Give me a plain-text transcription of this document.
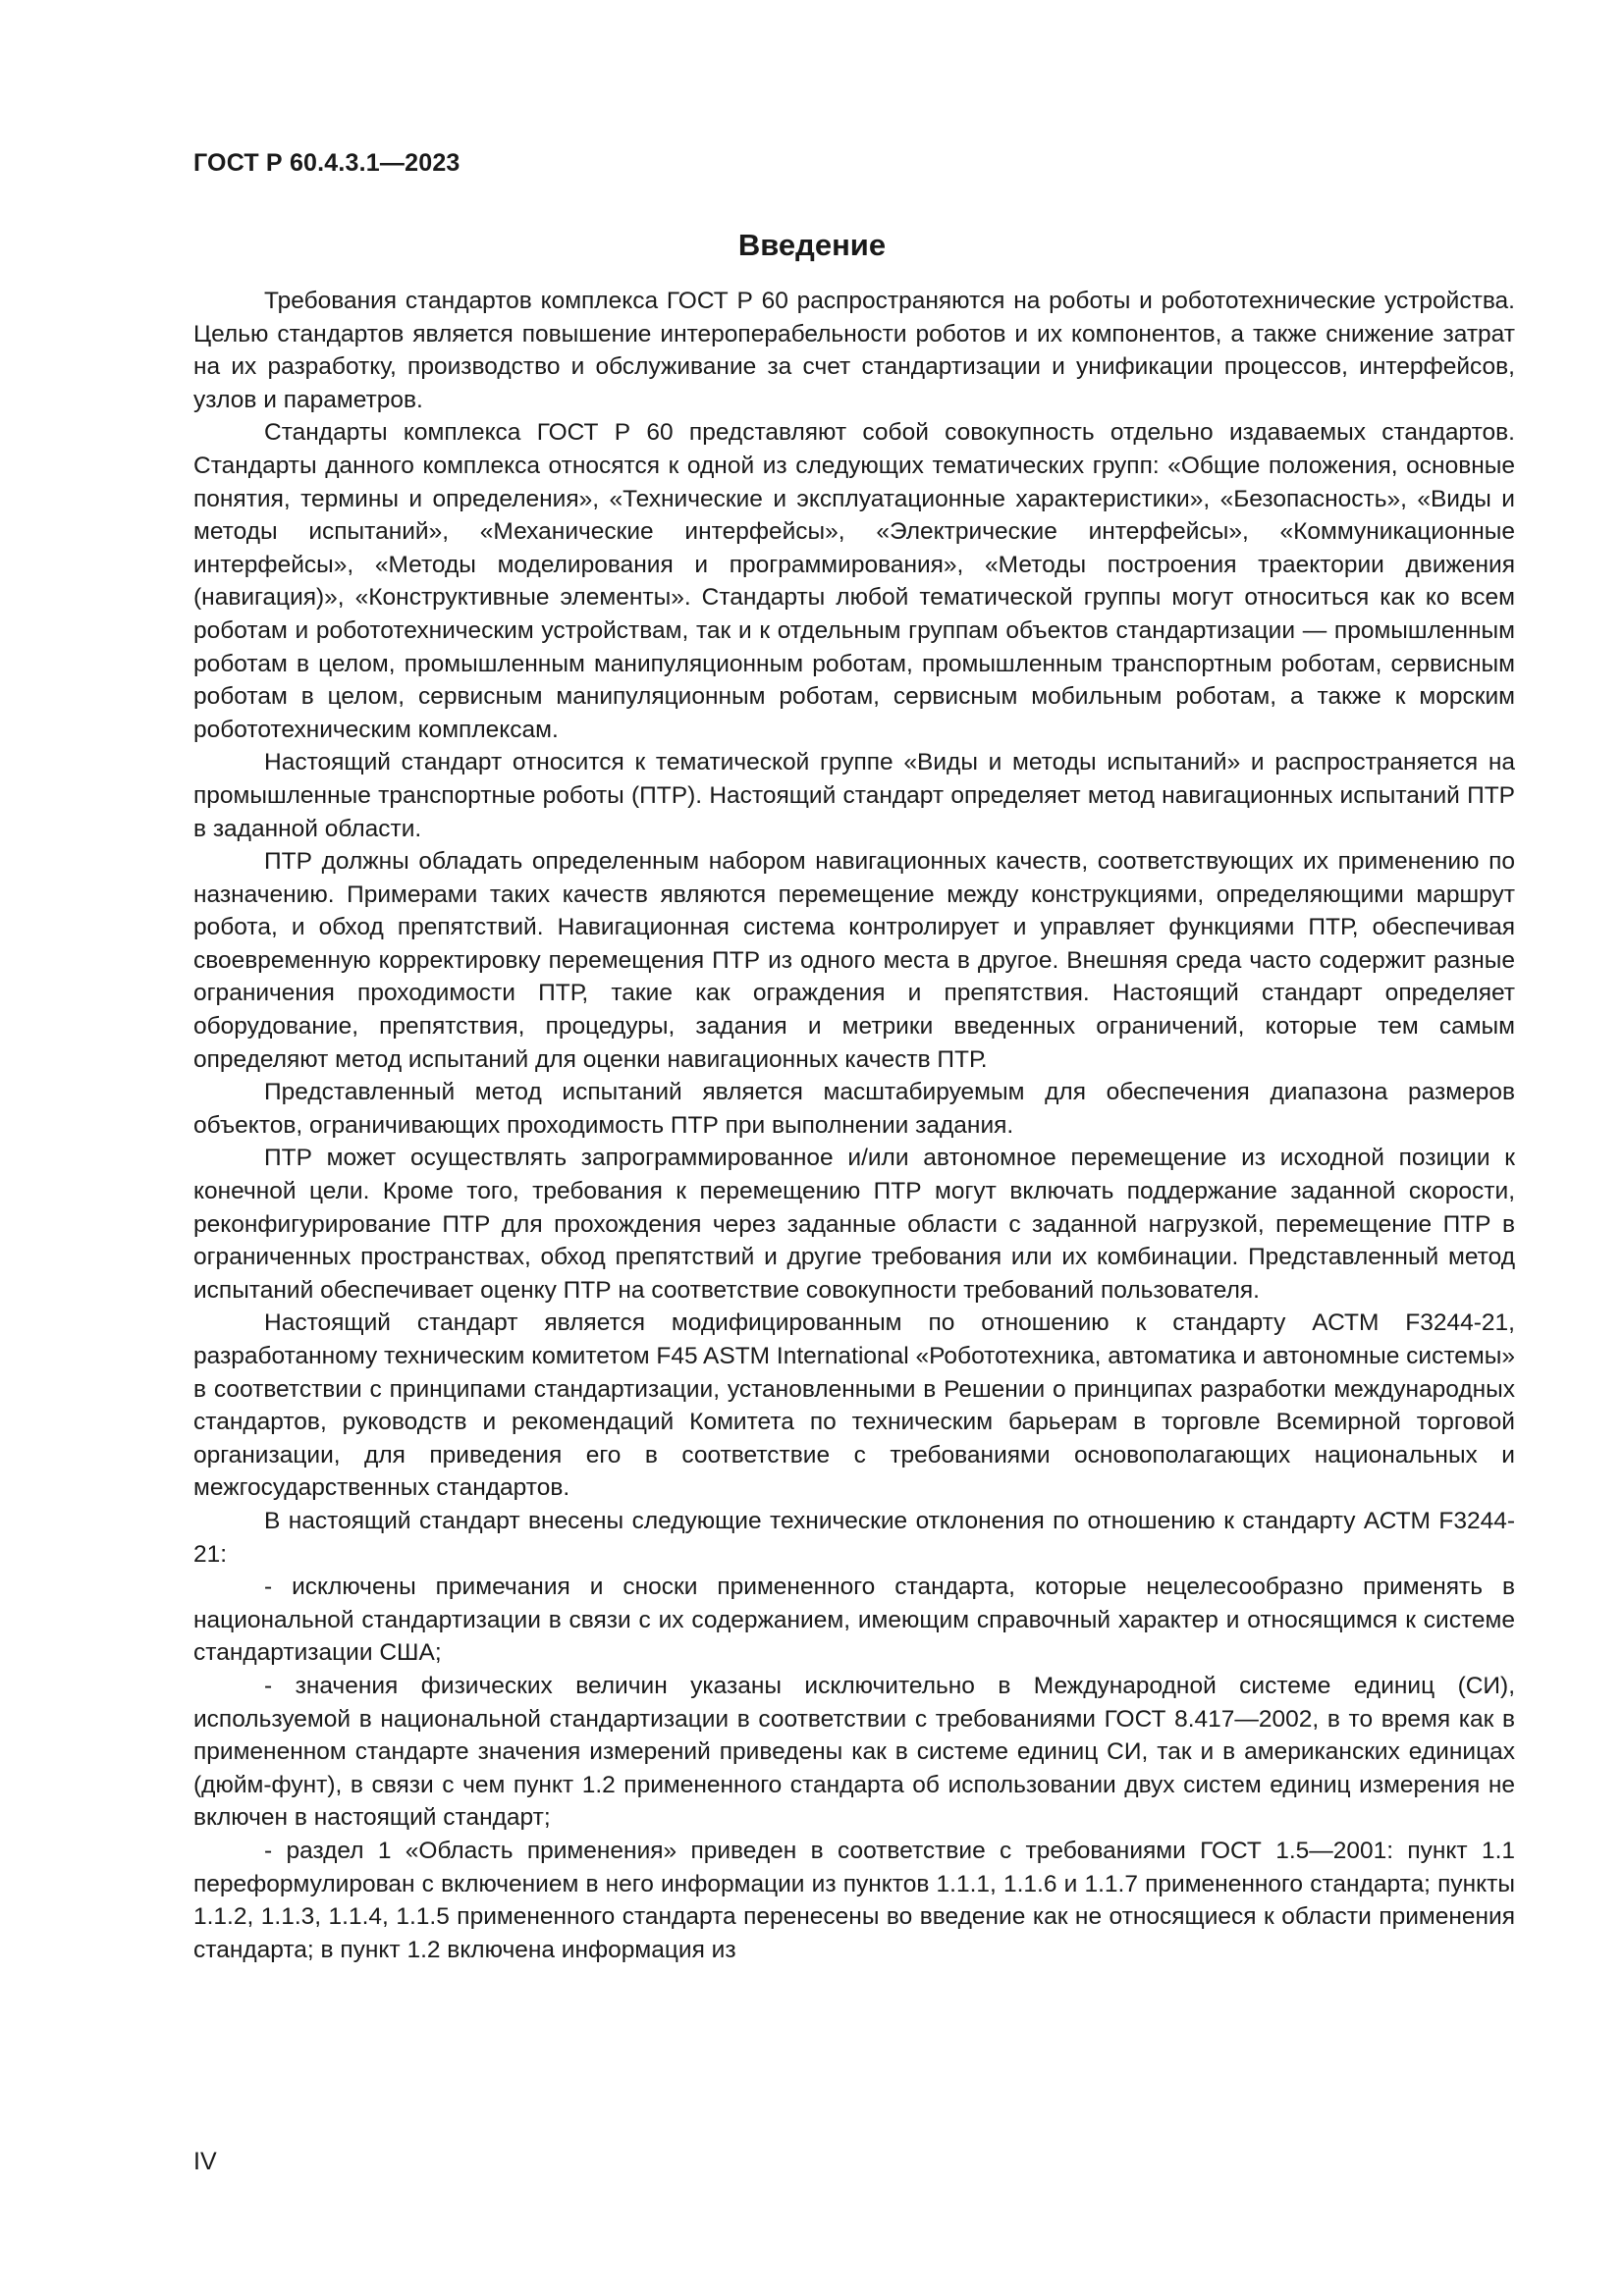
ГОСТ Р 60.4.3.1—2023
Введение

Требования стандартов комплекса ГОСТ Р 60 распространяются на роботы и робототехнические устройства. Целью стандартов является повышение интероперабельности роботов и их компонентов, а также снижение затрат на их разработку, производство и обслуживание за счет стандартизации и унификации процессов, интерфейсов, узлов и параметров.

Стандарты комплекса ГОСТ Р 60 представляют собой совокупность отдельно издаваемых стандартов. Стандарты данного комплекса относятся к одной из следующих тематических групп: «Общие положения, основные понятия, термины и определения», «Технические и эксплуатационные характеристики», «Безопасность», «Виды и методы испытаний», «Механические интерфейсы», «Электрические интерфейсы», «Коммуникационные интерфейсы», «Методы моделирования и программирования», «Методы построения траектории движения (навигация)», «Конструктивные элементы». Стандарты любой тематической группы могут относиться как ко всем роботам и робототехническим устройствам, так и к отдельным группам объектов стандартизации — промышленным роботам в целом, промышленным манипуляционным роботам, промышленным транспортным роботам, сервисным роботам в целом, сервисным манипуляционным роботам, сервисным мобильным роботам, а также к морским робототехническим комплексам.

Настоящий стандарт относится к тематической группе «Виды и методы испытаний» и распространяется на промышленные транспортные роботы (ПТР). Настоящий стандарт определяет метод навигационных испытаний ПТР в заданной области.

ПТР должны обладать определенным набором навигационных качеств, соответствующих их применению по назначению. Примерами таких качеств являются перемещение между конструкциями, определяющими маршрут робота, и обход препятствий. Навигационная система контролирует и управляет функциями ПТР, обеспечивая своевременную корректировку перемещения ПТР из одного места в другое. Внешняя среда часто содержит разные ограничения проходимости ПТР, такие как ограждения и препятствия. Настоящий стандарт определяет оборудование, препятствия, процедуры, задания и метрики введенных ограничений, которые тем самым определяют метод испытаний для оценки навигационных качеств ПТР.

Представленный метод испытаний является масштабируемым для обеспечения диапазона размеров объектов, ограничивающих проходимость ПТР при выполнении задания.

ПТР может осуществлять запрограммированное и/или автономное перемещение из исходной позиции к конечной цели. Кроме того, требования к перемещению ПТР могут включать поддержание заданной скорости, реконфигурирование ПТР для прохождения через заданные области с заданной нагрузкой, перемещение ПТР в ограниченных пространствах, обход препятствий и другие требования или их комбинации. Представленный метод испытаний обеспечивает оценку ПТР на соответствие совокупности требований пользователя.

Настоящий стандарт является модифицированным по отношению к стандарту АСТМ F3244-21, разработанному техническим комитетом F45 ASTM International «Робототехника, автоматика и автономные системы» в соответствии с принципами стандартизации, установленными в Решении о принципах разработки международных стандартов, руководств и рекомендаций Комитета по техническим барьерам в торговле Всемирной торговой организации, для приведения его в соответствие с требованиями основополагающих национальных и межгосударственных стандартов.

В настоящий стандарт внесены следующие технические отклонения по отношению к стандарту АСТМ F3244-21:

- исключены примечания и сноски примененного стандарта, которые нецелесообразно применять в национальной стандартизации в связи с их содержанием, имеющим справочный характер и относящимся к системе стандартизации США;

- значения физических величин указаны исключительно в Международной системе единиц (СИ), используемой в национальной стандартизации в соответствии с требованиями ГОСТ 8.417—2002, в то время как в примененном стандарте значения измерений приведены как в системе единиц СИ, так и в американских единицах (дюйм-фунт), в связи с чем пункт 1.2 примененного стандарта об использовании двух систем единиц измерения не включен в настоящий стандарт;

- раздел 1 «Область применения» приведен в соответствие с требованиями ГОСТ 1.5—2001: пункт 1.1 переформулирован с включением в него информации из пунктов 1.1.1, 1.1.6 и 1.1.7 примененного стандарта; пункты 1.1.2, 1.1.3, 1.1.4, 1.1.5 примененного стандарта перенесены во введение как не относящиеся к области применения стандарта; в пункт 1.2 включена информация из

IV
